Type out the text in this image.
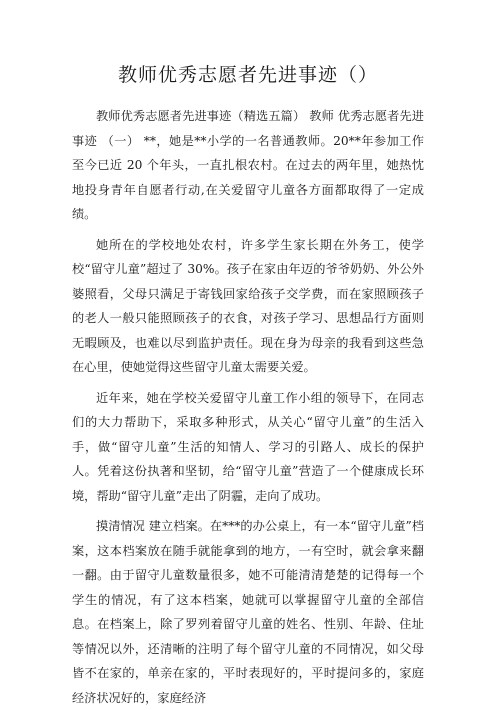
教师优秀志愿者先进事迹（）

教师优秀志愿者先进事迹（精选五篇） 教师 优秀志愿者先进事迹 （一） **，她是**小学的一名普通教师。20**年参加工作至今已近 20 个年头，一直扎根农村。在过去的两年里，她热忱地投身青年自愿者行动,在关爱留守儿童各方面都取得了一定成绩。

她所在的学校地处农村，许多学生家长期在外务工，使学校“留守儿童”超过了 30%。孩子在家由年迈的爷爷奶奶、外公外婆照看，父母只满足于寄钱回家给孩子交学费，而在家照顾孩子的老人一般只能照顾孩子的衣食，对孩子学习、思想品行方面则无暇顾及，也难以尽到监护责任。现在身为母亲的我看到这些急在心里，使她觉得这些留守儿童太需要关爱。

近年来，她在学校关爱留守儿童工作小组的领导下，在同志们的大力帮助下，采取多种形式，从关心“留守儿童”的生活入手，做“留守儿童”生活的知情人、学习的引路人、成长的保护人。凭着这份执著和坚韧，给“留守儿童”营造了一个健康成长环境，帮助“留守儿童”走出了阴霾，走向了成功。

摸清情况 建立档案。在***的办公桌上，有一本“留守儿童”档案，这本档案放在随手就能拿到的地方，一有空时，就会拿来翻一翻。由于留守儿童数量很多，她不可能清清楚楚的记得每一个学生的情况，有了这本档案，她就可以掌握留守儿童的全部信息。在档案上，除了罗列着留守儿童的姓名、性别、年龄、住址等情况以外，还清晰的注明了每个留守儿童的不同情况，如父母皆不在家的，单亲在家的，平时表现好的，平时提问多的，家庭经济状况好的，家庭经济
